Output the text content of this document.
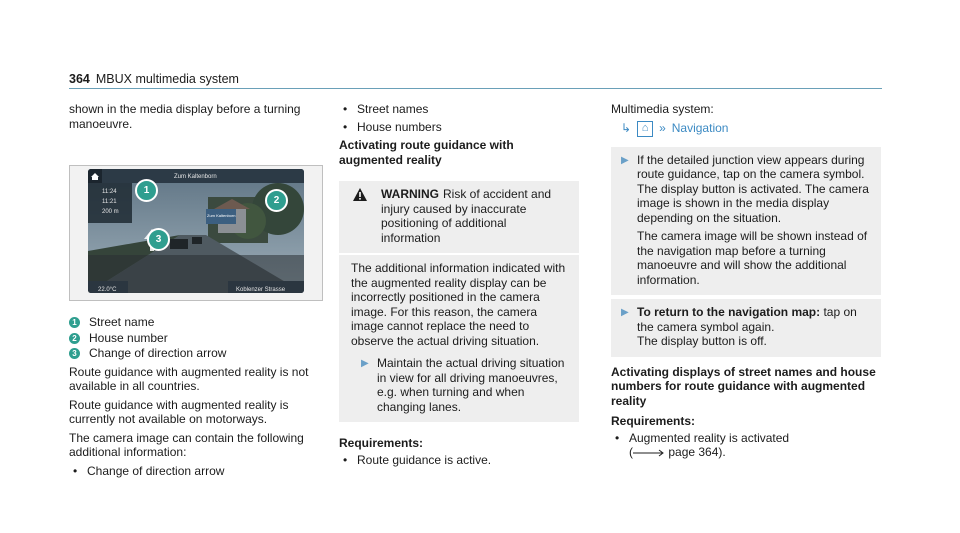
364 MBUX multimedia system

shown in the media display before a turning manoeuvre.

Zum Kaltenborn
11:24
11:21
200 m
Zum Kaltenborn
Koblenzer Strasse
22.0°C
1
2
3
1 Street name
2 House number
3 Change of direction arrow

Route guidance with augmented reality is not available in all countries.

Route guidance with augmented reality is currently not available on motorways.

The camera image can contain the following additional information:

• Change of direction arrow
• Street names
• House numbers
Activating route guidance with augmented reality
WARNING Risk of accident and injury caused by inaccurate positioning of additional information

The additional information indicated with the augmented reality display can be incorrectly positioned in the camera image. For this reason, the camera image cannot replace the need to observe the actual driving situation.

▶ Maintain the actual driving situation in view for all driving manoeuvres, e.g. when turning and when changing lanes.
Requirements:
• Route guidance is active.

Multimedia system:

↳ ⌂ » Navigation
▶ If the detailed junction view appears during route guidance, tap on the camera symbol. The display button is activated. The camera image is shown in the media display depending on the situation.

The camera image will be shown instead of the navigation map before a turning manoeuvre and will show the additional information.

▶ To return to the navigation map: tap on the camera symbol again.

The display button is off.

Activating displays of street names and house numbers for route guidance with augmented reality
Requirements:
• Augmented reality is activated
(	page 364).
